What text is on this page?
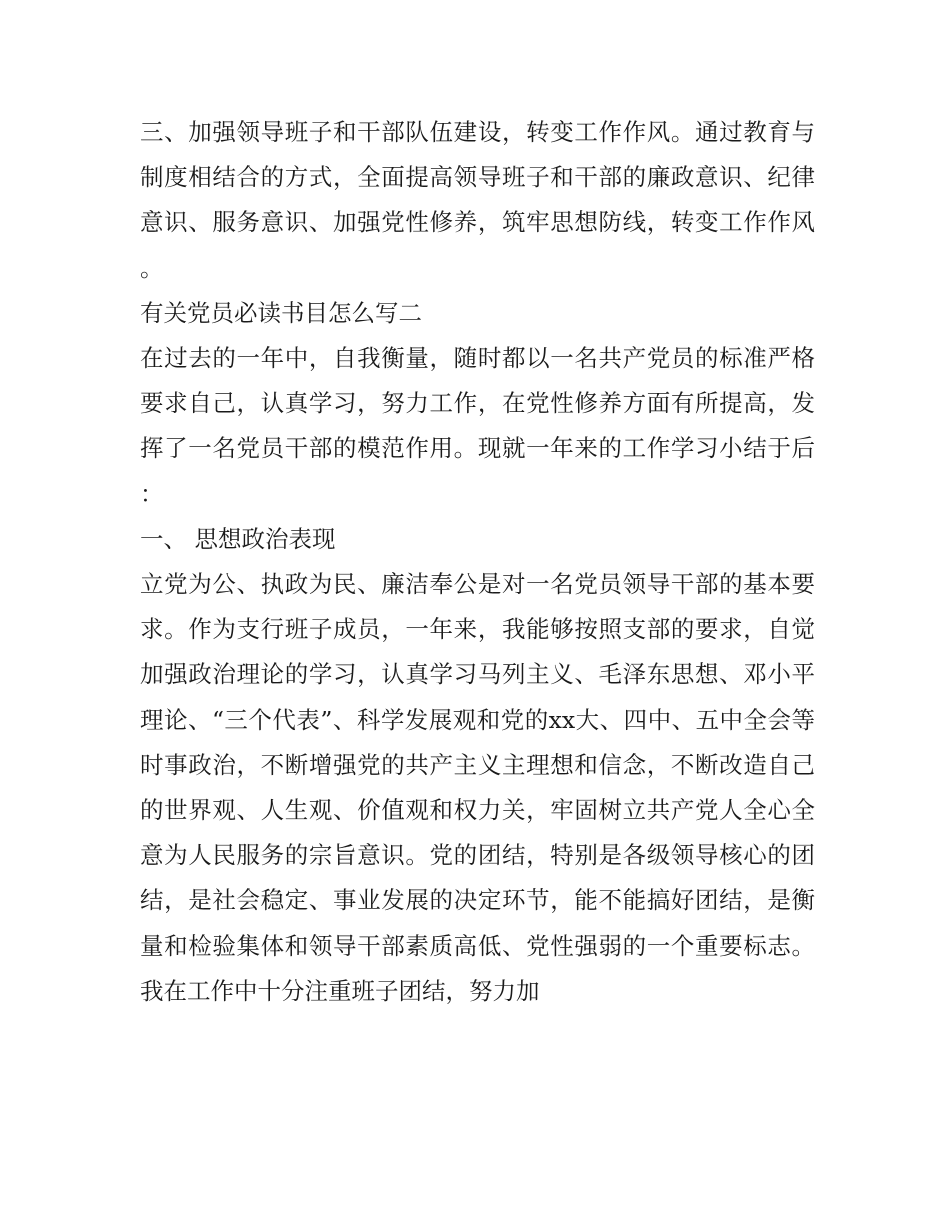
三、加强领导班子和干部队伍建设，转变工作作风。通过教育与制度相结合的方式，全面提高领导班子和干部的廉政意识、纪律意识、服务意识、加强党性修养，筑牢思想防线，转变工作作风。

有关党员必读书目怎么写二

在过去的一年中，自我衡量，随时都以一名共产党员的标准严格要求自己，认真学习，努力工作，在党性修养方面有所提高，发挥了一名党员干部的模范作用。现就一年来的工作学习小结于后：

一、 思想政治表现

立党为公、执政为民、廉洁奉公是对一名党员领导干部的基本要求。作为支行班子成员，一年来，我能够按照支部的要求，自觉加强政治理论的学习，认真学习马列主义、毛泽东思想、邓小平理论、“三个代表”、科学发展观和党的xx大、四中、五中全会等时事政治，不断增强党的共产主义主理想和信念，不断改造自己的世界观、人生观、价值观和权力关，牢固树立共产党人全心全意为人民服务的宗旨意识。党的团结，特别是各级领导核心的团结，是社会稳定、事业发展的决定环节，能不能搞好团结，是衡量和检验集体和领导干部素质高低、党性强弱的一个重要标志。我在工作中十分注重班子团结，努力加
